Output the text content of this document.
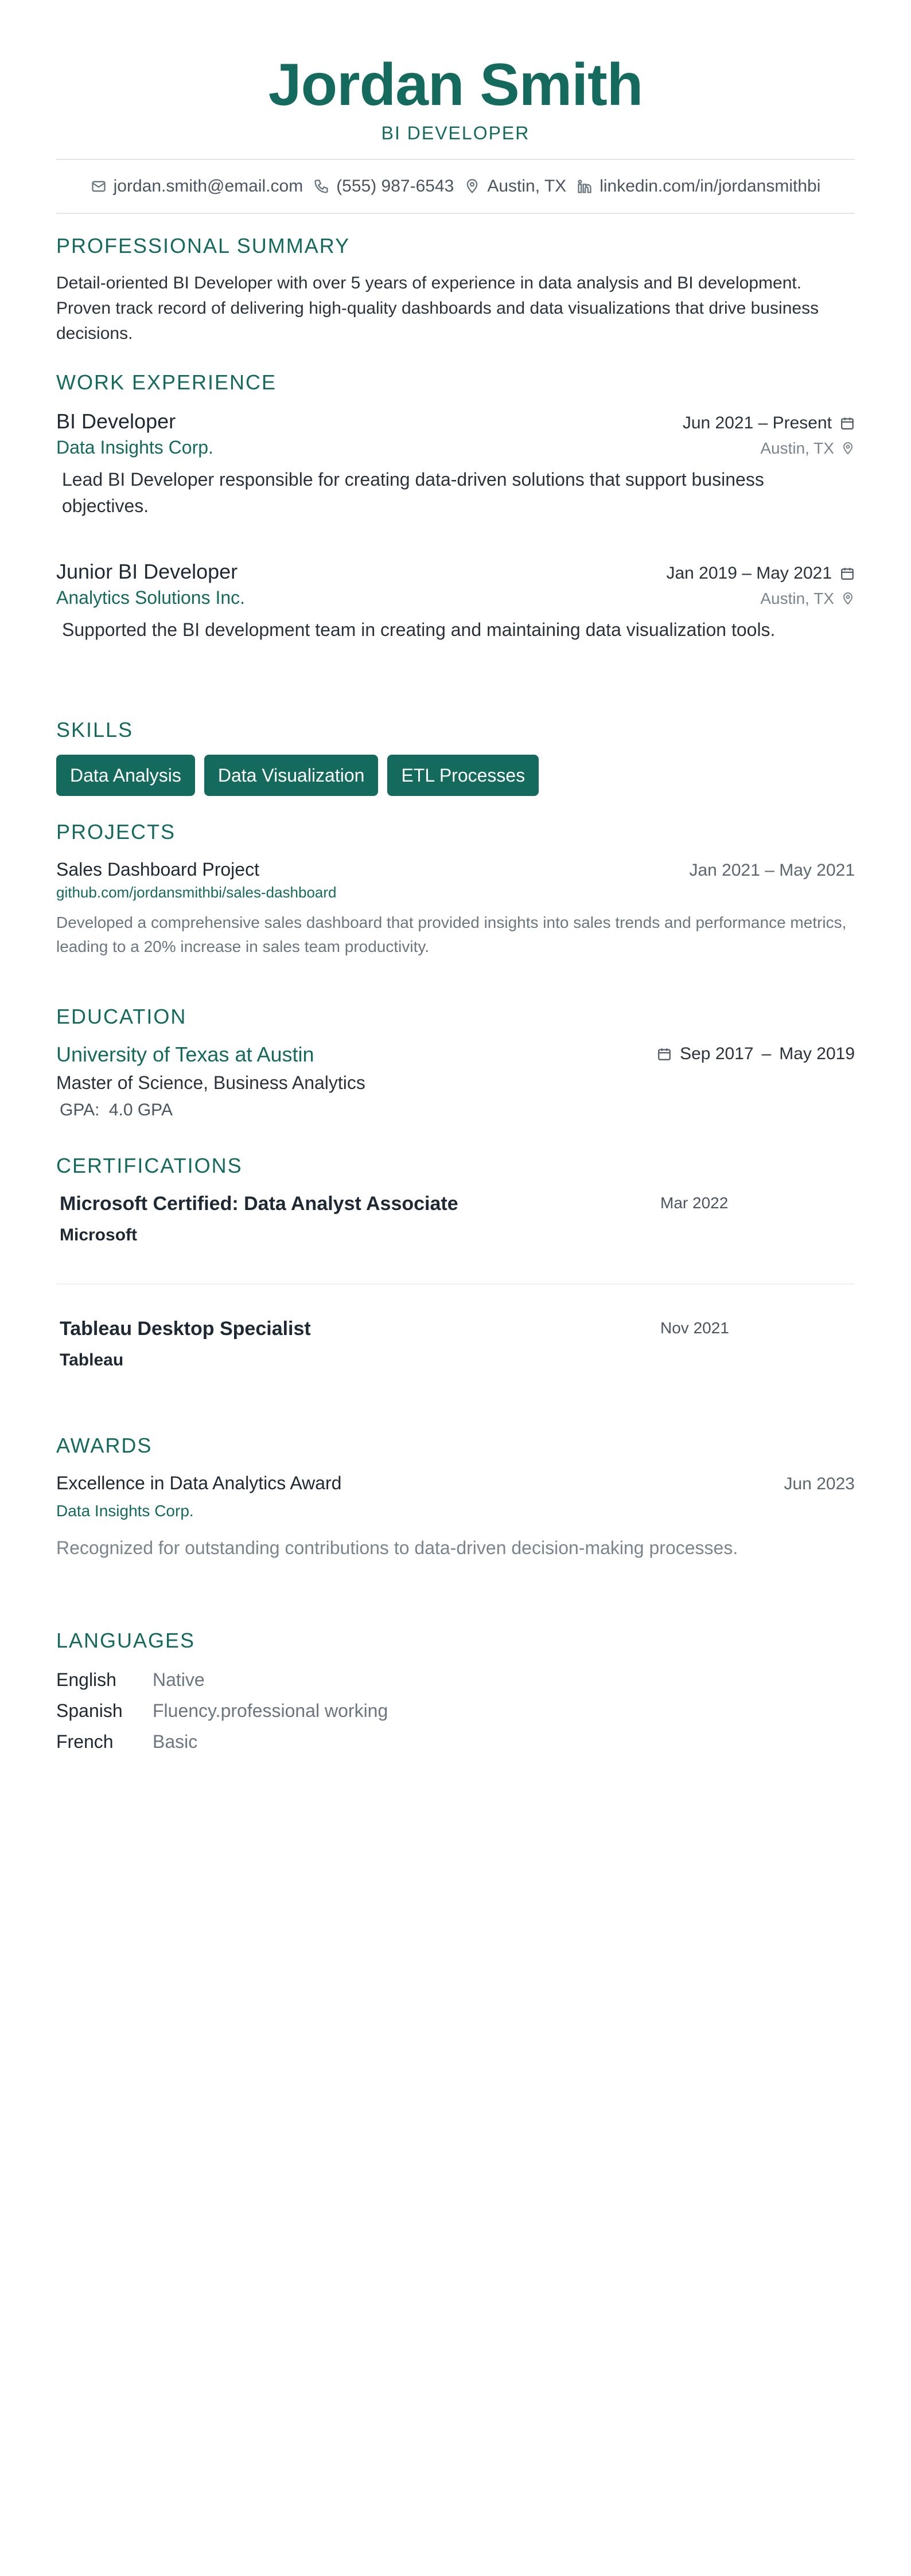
Jordan Smith
BI DEVELOPER
jordan.smith@email.com (555) 987-6543 Austin, TX linkedin.com/in/jordansmithbi
PROFESSIONAL SUMMARY
Detail-oriented BI Developer with over 5 years of experience in data analysis and BI development. Proven track record of delivering high-quality dashboards and data visualizations that drive business decisions.
WORK EXPERIENCE
BI Developer	Jun 2021 – Present
Data Insights Corp.	Austin, TX
Lead BI Developer responsible for creating data-driven solutions that support business objectives.
Junior BI Developer	Jan 2019 – May 2021
Analytics Solutions Inc.	Austin, TX
Supported the BI development team in creating and maintaining data visualization tools.
SKILLS
Data Analysis	Data Visualization	ETL Processes
PROJECTS
Sales Dashboard Project	Jan 2021 – May 2021
github.com/jordansmithbi/sales-dashboard
Developed a comprehensive sales dashboard that provided insights into sales trends and performance metrics, leading to a 20% increase in sales team productivity.
EDUCATION
University of Texas at Austin	Sep 2017 – May 2019
Master of Science, Business Analytics
GPA: 4.0 GPA
CERTIFICATIONS
Microsoft Certified: Data Analyst Associate
Microsoft
Mar 2022
Tableau Desktop Specialist
Tableau
Nov 2021
AWARDS
Excellence in Data Analytics Award	Jun 2023
Data Insights Corp.
Recognized for outstanding contributions to data-driven decision-making processes.
LANGUAGES
English	Native
Spanish	Fluency.professional working
French	Basic
